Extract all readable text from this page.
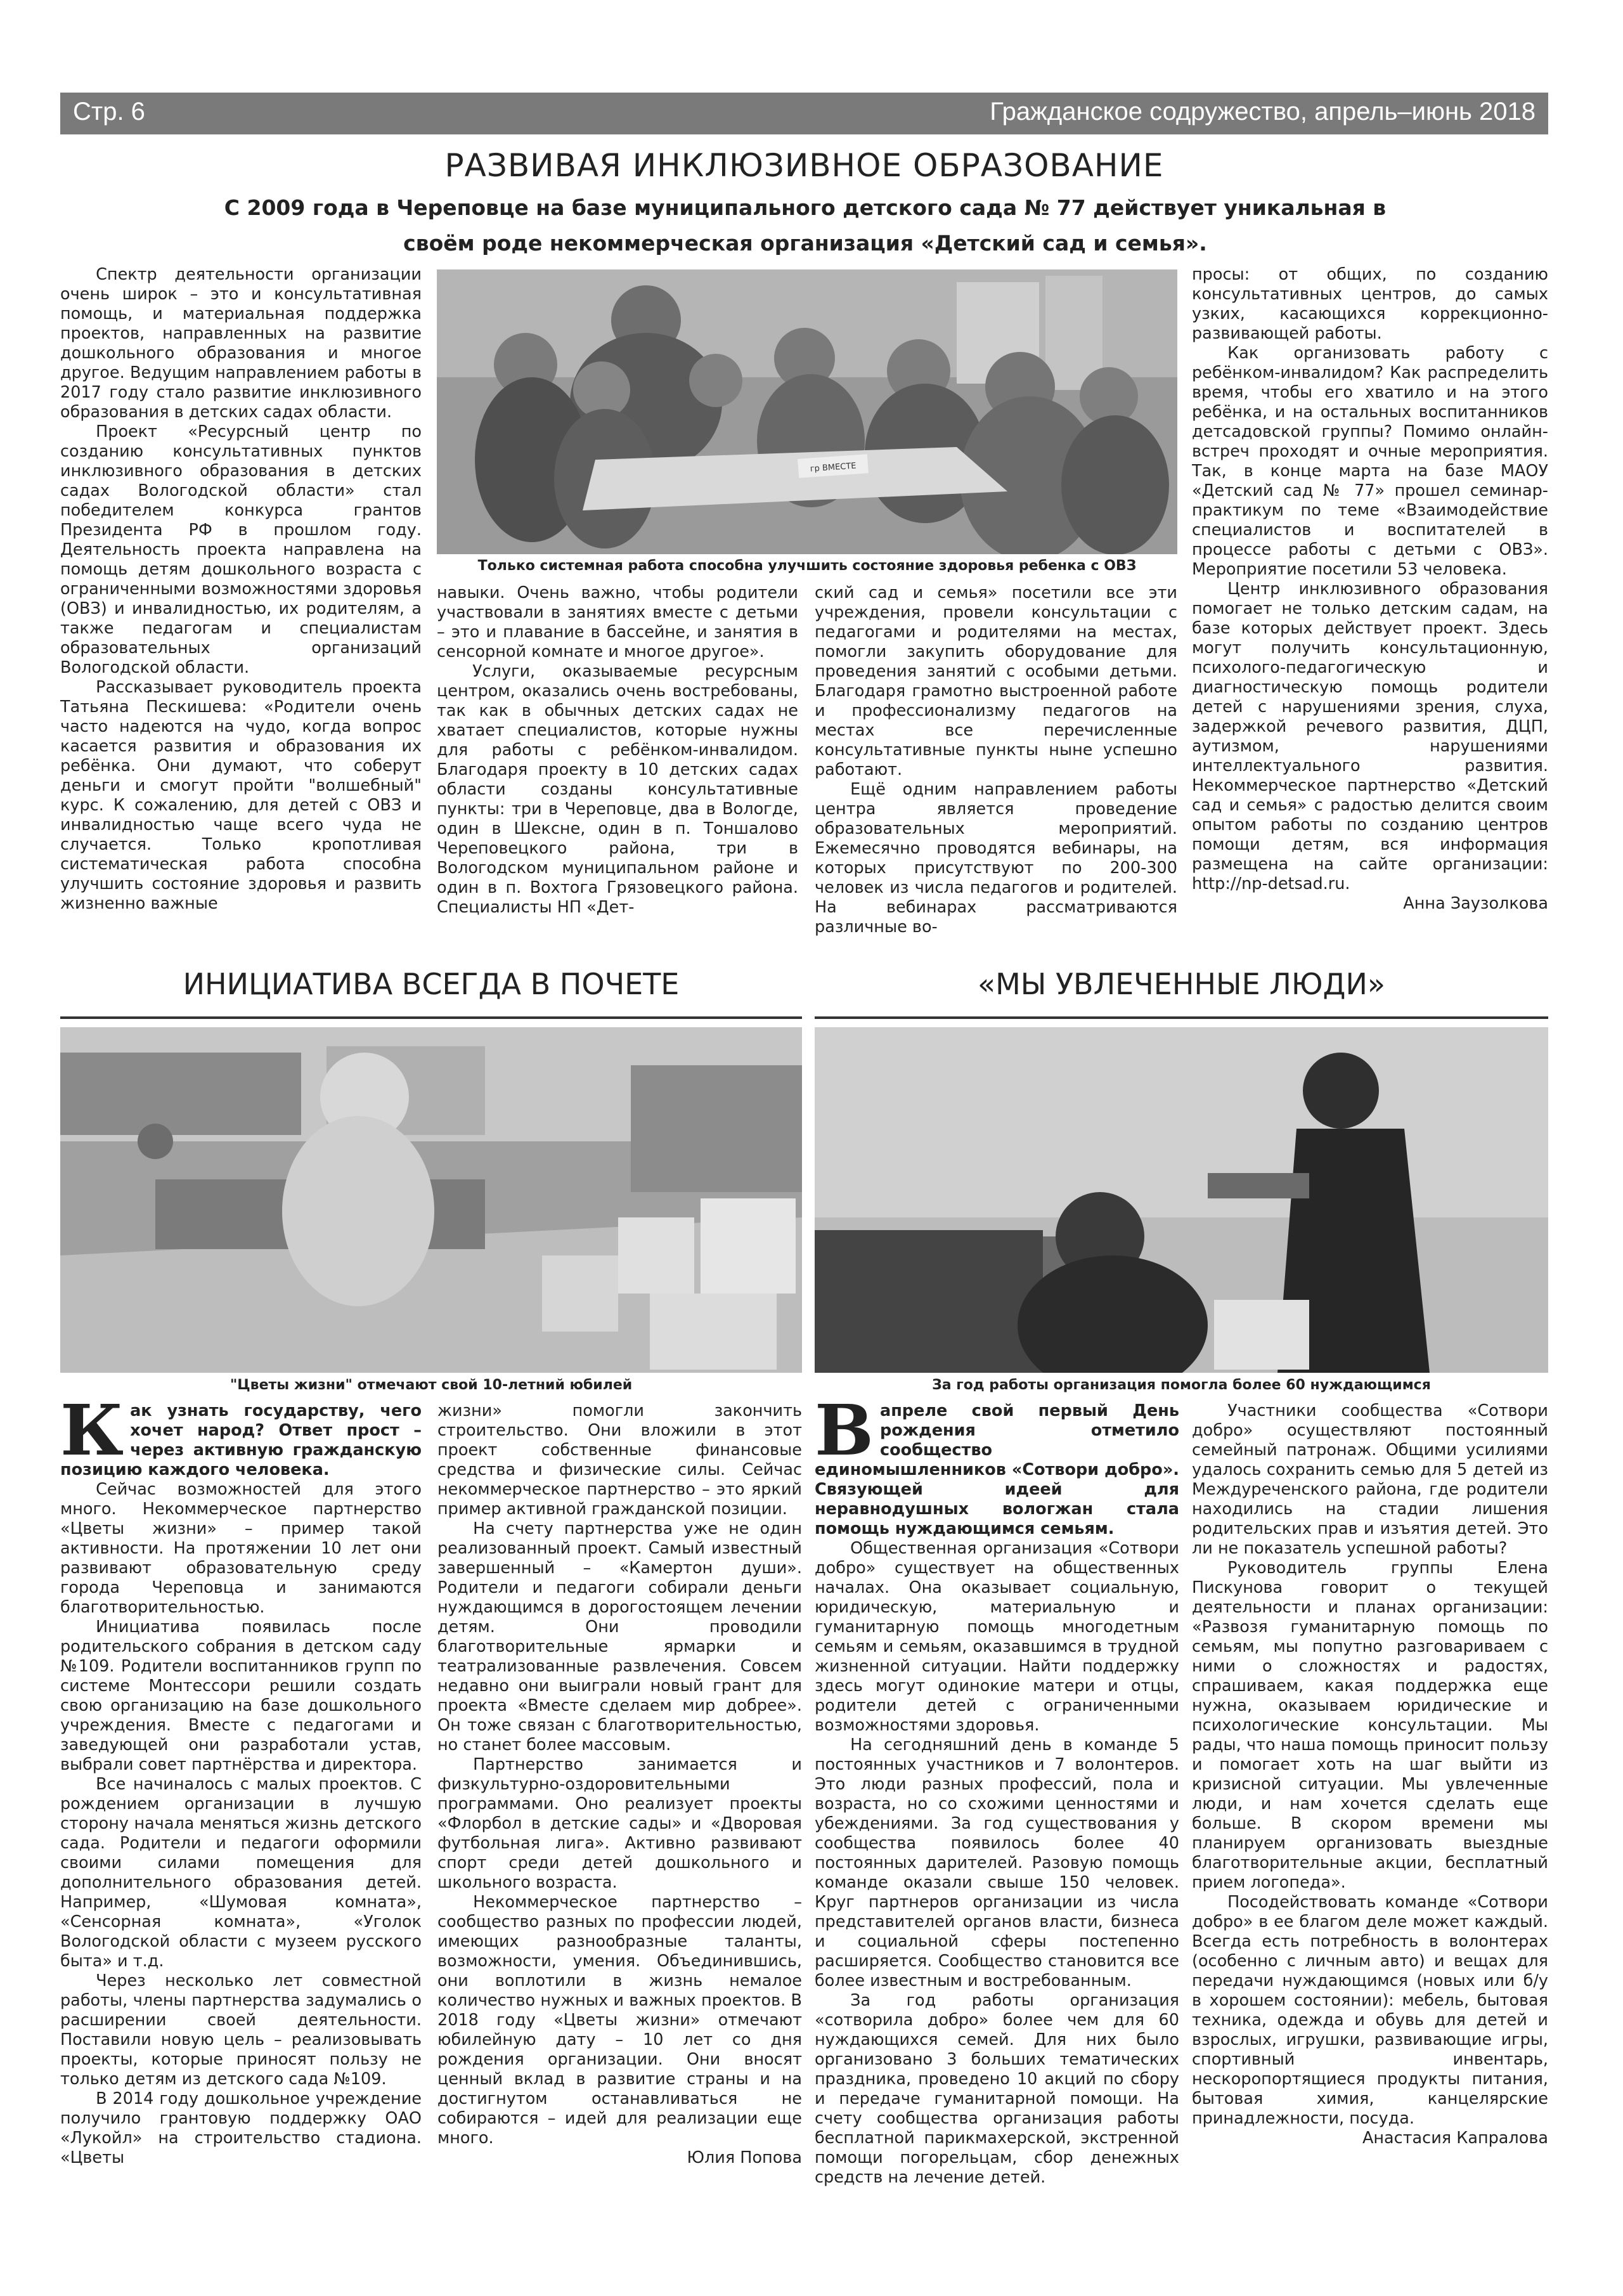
Стр. 6	Гражданское содружество, апрель–июнь 2018
РАЗВИВАЯ ИНКЛЮЗИВНОЕ ОБРАЗОВАНИЕ
С 2009 года в Череповце на базе муниципального детского сада № 77 действует уникальная в своём роде некоммерческая организация «Детский сад и семья».

Спектр деятельности организации очень широк – это и консультативная помощь, и материальная поддержка проектов, направленных на развитие дошкольного образования и многое другое. Ведущим направлением работы в 2017 году стало развитие инклюзивного образования в детских садах области.

Проект «Ресурсный центр по созданию консультативных пунктов инклюзивного образования в детских садах Вологодской области» стал победителем конкурса грантов Президента РФ в прошлом году. Деятельность проекта направлена на помощь детям дошкольного возраста с ограниченными возможностями здоровья (ОВЗ) и инвалидностью, их родителям, а также педагогам и специалистам образовательных организаций Вологодской области.

Рассказывает руководитель проекта Татьяна Пескишева: «Родители очень часто надеются на чудо, когда вопрос касается развития и образования их ребёнка. Они думают, что соберут деньги и смогут пройти "волшебный" курс. К сожалению, для детей с ОВЗ и инвалидностью чаще всего чуда не случается. Только кропотливая систематическая работа способна улучшить состояние здоровья и развить жизненно важные

гр ВМЕСТЕ
Только системная работа способна улучшить состояние здоровья ребенка с ОВЗ

навыки. Очень важно, чтобы родители участвовали в занятиях вместе с детьми – это и плавание в бассейне, и занятия в сенсорной комнате и многое другое».

Услуги, оказываемые ресурсным центром, оказались очень востребованы, так как в обычных детских садах не хватает специалистов, которые нужны для работы с ребёнком-инвалидом. Благодаря проекту в 10 детских садах области созданы консультативные пункты: три в Череповце, два в Вологде, один в Шексне, один в п. Тоншалово Череповецкого района, три в Вологодском муниципальном районе и один в п. Вохтога Грязовецкого района. Специалисты НП «Дет-

ский сад и семья» посетили все эти учреждения, провели консультации с педагогами и родителями на местах, помогли закупить оборудование для проведения занятий с особыми детьми. Благодаря грамотно выстроенной работе и профессионализму педагогов на местах все перечисленные консультативные пункты ныне успешно работают.

Ещё одним направлением работы центра является проведение образовательных мероприятий. Ежемесячно проводятся вебинары, на которых присутствуют по 200-300 человек из числа педагогов и родителей. На вебинарах рассматриваются различные во-

просы: от общих, по созданию консультативных центров, до самых узких, касающихся коррекционно-развивающей работы.

Как организовать работу с ребёнком-инвалидом? Как распределить время, чтобы его хватило и на этого ребёнка, и на остальных воспитанников детсадовской группы? Помимо онлайн-встреч проходят и очные мероприятия. Так, в конце марта на базе МАОУ «Детский сад № 77» прошел семинар-практикум по теме «Взаимодействие специалистов и воспитателей в процессе работы с детьми с ОВЗ». Мероприятие посетили 53 человека.

Центр инклюзивного образования помогает не только детским садам, на базе которых действует проект. Здесь могут получить консультационную, психолого-педагогическую и диагностическую помощь родители детей с нарушениями зрения, слуха, задержкой речевого развития, ДЦП, аутизмом, нарушениями интеллектуального развития. Некоммерческое партнерство «Детский сад и семья» с радостью делится своим опытом работы по созданию центров помощи детям, вся информация размещена на сайте организации: http://np-detsad.ru.

Анна Заузолкова

ИНИЦИАТИВА ВСЕГДА В ПОЧЕТЕ
"Цветы жизни" отмечают свой 10-летний юбилей

Как узнать государству, чего хочет народ? Ответ прост – через активную гражданскую позицию каждого человека.

Сейчас возможностей для этого много. Некоммерческое партнерство «Цветы жизни» – пример такой активности. На протяжении 10 лет они развивают образовательную среду города Череповца и занимаются благотворительностью.

Инициатива появилась после родительского собрания в детском саду №109. Родители воспитанников групп по системе Монтессори решили создать свою организацию на базе дошкольного учреждения. Вместе с педагогами и заведующей они разработали устав, выбрали совет партнёрства и директора.

Все начиналось с малых проектов. С рождением организации в лучшую сторону начала меняться жизнь детского сада. Родители и педагоги оформили своими силами помещения для дополнительного образования детей. Например, «Шумовая комната», «Сенсорная комната», «Уголок Вологодской области с музеем русского быта» и т.д.

Через несколько лет совместной работы, члены партнерства задумались о расширении своей деятельности. Поставили новую цель – реализовывать проекты, которые приносят пользу не только детям из детского сада №109.

В 2014 году дошкольное учреждение получило грантовую поддержку ОАО «Лукойл» на строительство стадиона. «Цветы

жизни» помогли закончить строительство. Они вложили в этот проект собственные финансовые средства и физические силы. Сейчас некоммерческое партнерство – это яркий пример активной гражданской позиции.

На счету партнерства уже не один реализованный проект. Самый известный завершенный – «Камертон души». Родители и педагоги собирали деньги нуждающимся в дорогостоящем лечении детям. Они проводили благотворительные ярмарки и театрализованные развлечения. Совсем недавно они выиграли новый грант для проекта «Вместе сделаем мир добрее». Он тоже связан с благотворительностью, но станет более массовым.

Партнерство занимается и физкультурно-оздоровительными программами. Оно реализует проекты «Флорбол в детские сады» и «Дворовая футбольная лига». Активно развивают спорт среди детей дошкольного и школьного возраста.

Некоммерческое партнерство – сообщество разных по профессии людей, имеющих разнообразные таланты, возможности, умения. Объединившись, они воплотили в жизнь немалое количество нужных и важных проектов. В 2018 году «Цветы жизни» отмечают юбилейную дату – 10 лет со дня рождения организации. Они вносят ценный вклад в развитие страны и на достигнутом останавливаться не собираются – идей для реализации еще много.

Юлия Попова

«МЫ УВЛЕЧЕННЫЕ ЛЮДИ»
За год работы организация помогла более 60 нуждающимся

Вапреле свой первый День рождения отметило сообщество единомышленников «Сотвори добро». Связующей идеей для неравнодушных вологжан стала помощь нуждающимся семьям.

Общественная организация «Сотвори добро» существует на общественных началах. Она оказывает социальную, юридическую, материальную и гуманитарную помощь многодетным семьям и семьям, оказавшимся в трудной жизненной ситуации. Найти поддержку здесь могут одинокие матери и отцы, родители детей с ограниченными возможностями здоровья.

На сегодняшний день в команде 5 постоянных участников и 7 волонтеров. Это люди разных профессий, пола и возраста, но со схожими ценностями и убеждениями. За год существования у сообщества появилось более 40 постоянных дарителей. Разовую помощь команде оказали свыше 150 человек. Круг партнеров организации из числа представителей органов власти, бизнеса и социальной сферы постепенно расширяется. Сообщество становится все более известным и востребованным.

За год работы организация «сотворила добро» более чем для 60 нуждающихся семей. Для них было организовано 3 больших тематических праздника, проведено 10 акций по сбору и передаче гуманитарной помощи. На счету сообщества организация работы бесплатной парикмахерской, экстренной помощи погорельцам, сбор денежных средств на лечение детей.

Участники сообщества «Сотвори добро» осуществляют постоянный семейный патронаж. Общими усилиями удалось сохранить семью для 5 детей из Междуреченского района, где родители находились на стадии лишения родительских прав и изъятия детей. Это ли не показатель успешной работы?

Руководитель группы Елена Пискунова говорит о текущей деятельности и планах организации: «Развозя гуманитарную помощь по семьям, мы попутно разговариваем с ними о сложностях и радостях, спрашиваем, какая поддержка еще нужна, оказываем юридические и психологические консультации. Мы рады, что наша помощь приносит пользу и помогает хоть на шаг выйти из кризисной ситуации. Мы увлеченные люди, и нам хочется сделать еще больше. В скором времени мы планируем организовать выездные благотворительные акции, бесплатный прием логопеда».

Посодействовать команде «Сотвори добро» в ее благом деле может каждый. Всегда есть потребность в волонтерах (особенно с личным авто) и вещах для передачи нуждающимся (новых или б/у в хорошем состоянии): мебель, бытовая техника, одежда и обувь для детей и взрослых, игрушки, развивающие игры, спортивный инвентарь, нескоропортящиеся продукты питания, бытовая химия, канцелярские принадлежности, посуда.

Анастасия Капралова
